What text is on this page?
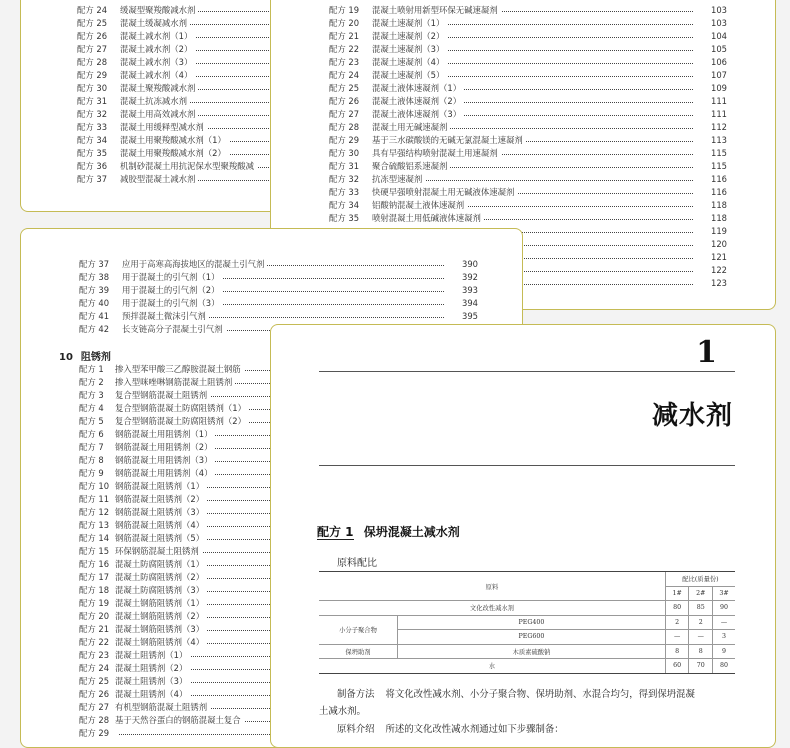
配方 24 缓凝型聚羧酸减水剂
配方 25 混凝土缓凝减水剂
配方 26 混凝土减水剂（1）
配方 27 混凝土减水剂（2）
配方 28 混凝土减水剂（3）
配方 29 混凝土减水剂（4）
配方 30 混凝土聚羧酸减水剂
配方 31 混凝土抗冻减水剂
配方 32 混凝土用高效减水剂
配方 33 混凝土用缓释型减水剂
配方 34 混凝土用聚羧酸减水剂（1）
配方 35 混凝土用聚羧酸减水剂（2）
配方 36 机制砂混凝土用抗泥保水型聚羧酸减
配方 37 减胶型混凝土减水剂
配方 19 混凝土喷射用新型环保无碱速凝剂	103
配方 20 混凝土速凝剂（1）	103
配方 21 混凝土速凝剂（2）	104
配方 22 混凝土速凝剂（3）	105
配方 23 混凝土速凝剂（4）	106
配方 24 混凝土速凝剂（5）	107
配方 25 混凝土液体速凝剂（1）	109
配方 26 混凝土液体速凝剂（2）	111
配方 27 混凝土液体速凝剂（3）	111
配方 28 混凝土用无碱速凝剂	112
配方 29 基于三水碳酸镁的无碱无氯混凝土速凝剂	113
配方 30 具有早强结构喷射混凝土用速凝剂	115
配方 31 聚合硫酸铝系速凝剂	115
配方 32 抗冻型速凝剂	116
配方 33 快硬早强喷射混凝土用无碱液体速凝剂	116
配方 34 铝酸钠混凝土液体速凝剂	118
配方 35 喷射混凝土用低碱液体速凝剂	118
119
120
121
122
123
配方 37 应用于高寒高海拔地区的混凝土引气剂	390
配方 38 用于混凝土的引气剂（1）	392
配方 39 用于混凝土的引气剂（2）	393
配方 40 用于混凝土的引气剂（3）	394
配方 41 预拌混凝土微沫引气剂	395
配方 42 长支链高分子混凝土引气剂
10 阻锈剂
配方 1 掺入型苯甲酸三乙醇胺混凝土钢筋
配方 2 掺入型咪唑啉钢筋混凝土阻锈剂
配方 3 复合型钢筋混凝土阻锈剂
配方 4 复合型钢筋混凝土防腐阻锈剂（1）
配方 5 复合型钢筋混凝土防腐阻锈剂（2）
配方 6 钢筋混凝土用阻锈剂（1）
配方 7 钢筋混凝土用阻锈剂（2）
配方 8 钢筋混凝土用阻锈剂（3）
配方 9 钢筋混凝土用阻锈剂（4）
配方 10 钢筋混凝土阻锈剂（1）
配方 11 钢筋混凝土阻锈剂（2）
配方 12 钢筋混凝土阻锈剂（3）
配方 13 钢筋混凝土阻锈剂（4）
配方 14 钢筋混凝土阻锈剂（5）
配方 15 环保钢筋混凝土阻锈剂
配方 16 混凝土防腐阻锈剂（1）
配方 17 混凝土防腐阻锈剂（2）
配方 18 混凝土防腐阻锈剂（3）
配方 19 混凝土钢筋阻锈剂（1）
配方 20 混凝土钢筋阻锈剂（2）
配方 21 混凝土钢筋阻锈剂（3）
配方 22 混凝土钢筋阻锈剂（4）
配方 23 混凝土阻锈剂（1）
配方 24 混凝土阻锈剂（2）
配方 25 混凝土阻锈剂（3）
配方 26 混凝土阻锈剂（4）
配方 27 有机型钢筋混凝土阻锈剂
配方 28 基于天然谷蛋白的钢筋混凝土复合
配方 29
1
减水剂
配方 1 保坍混凝土减水剂
原料配比
原料		配比(质量份)		
		1#	2#	3#
文化改性减水剂		80	85	90
小分子聚合物	PEG400	2	2	—
	PEG600	—	—	3
保坍助剂	木质素硫酸钠	8	8	9
水		60	70	80
制备方法 将文化改性减水剂、小分子聚合物、保坍助剂、水混合均匀，得到保坍混凝
土减水剂。
原料介绍 所述的文化改性减水剂通过如下步骤制备：
